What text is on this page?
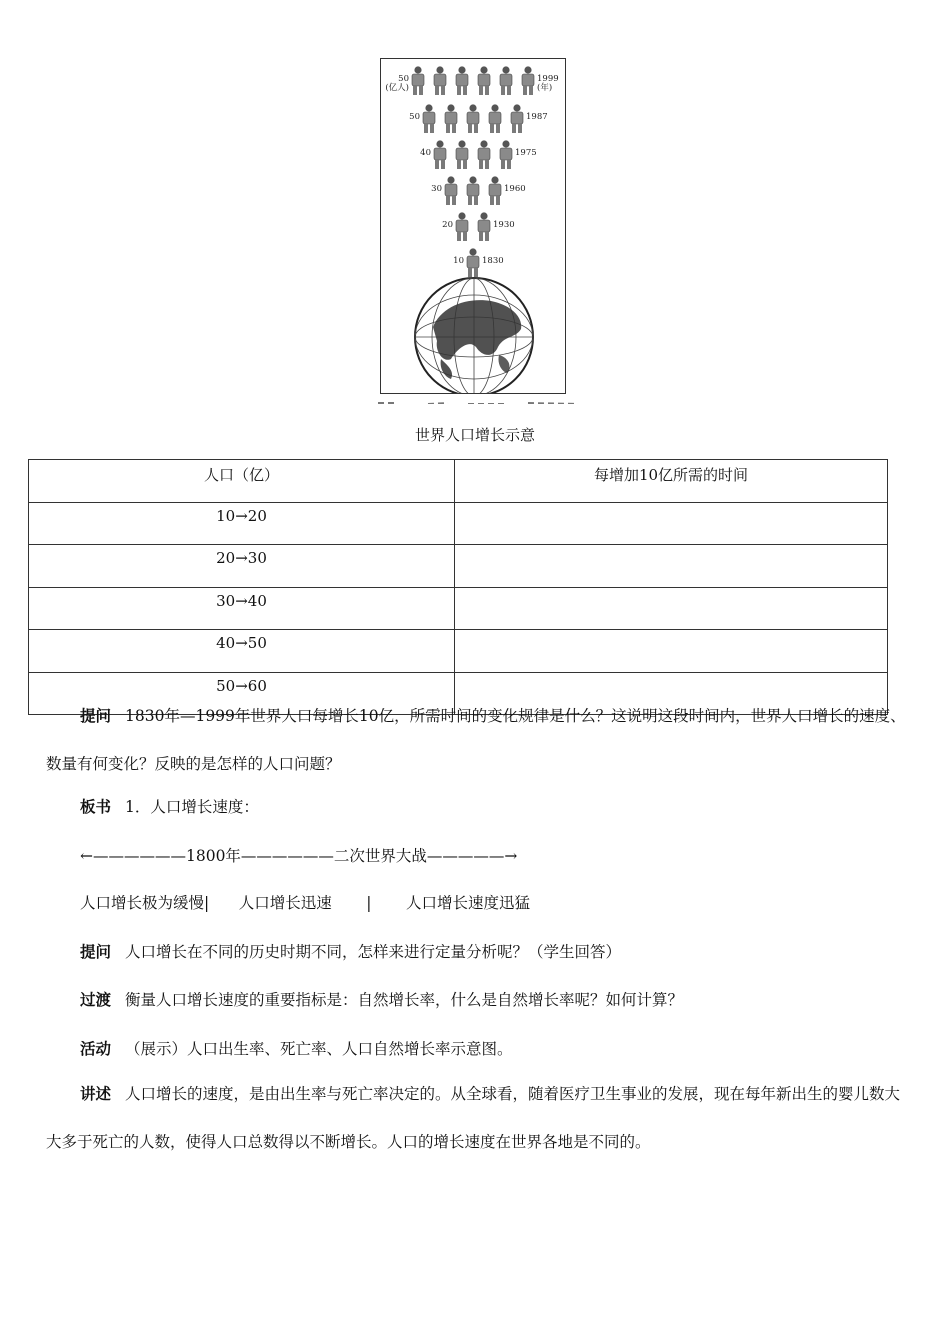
50	1999
(亿人)	(年)
50	1987
40	1975
30	1960
20	1930
10 1830
世界人口增长示意
人口（亿）	每增加10亿所需的时间
10→20	
20→30	
30→40	
40→50	
50→60	
提问 1830年—1999年世界人口每增长10亿，所需时间的变化规律是什么？这说明这段时间内，世界人口增长的速度、数量有何变化？反映的是怎样的人口问题？
板书 1．人口增长速度：
←——————1800年——————二次世界大战—————→
人口增长极为缓慢|      人口增长迅速       |       人口增长速度迅猛
提问 人口增长在不同的历史时期不同，怎样来进行定量分析呢？（学生回答）
过渡 衡量人口增长速度的重要指标是：自然增长率，什么是自然增长率呢？如何计算？
活动 （展示）人口出生率、死亡率、人口自然增长率示意图。
讲述 人口增长的速度，是由出生率与死亡率决定的。从全球看，随着医疗卫生事业的发展，现在每年新出生的婴儿数大大多于死亡的人数，使得人口总数得以不断增长。人口的增长速度在世界各地是不同的。
